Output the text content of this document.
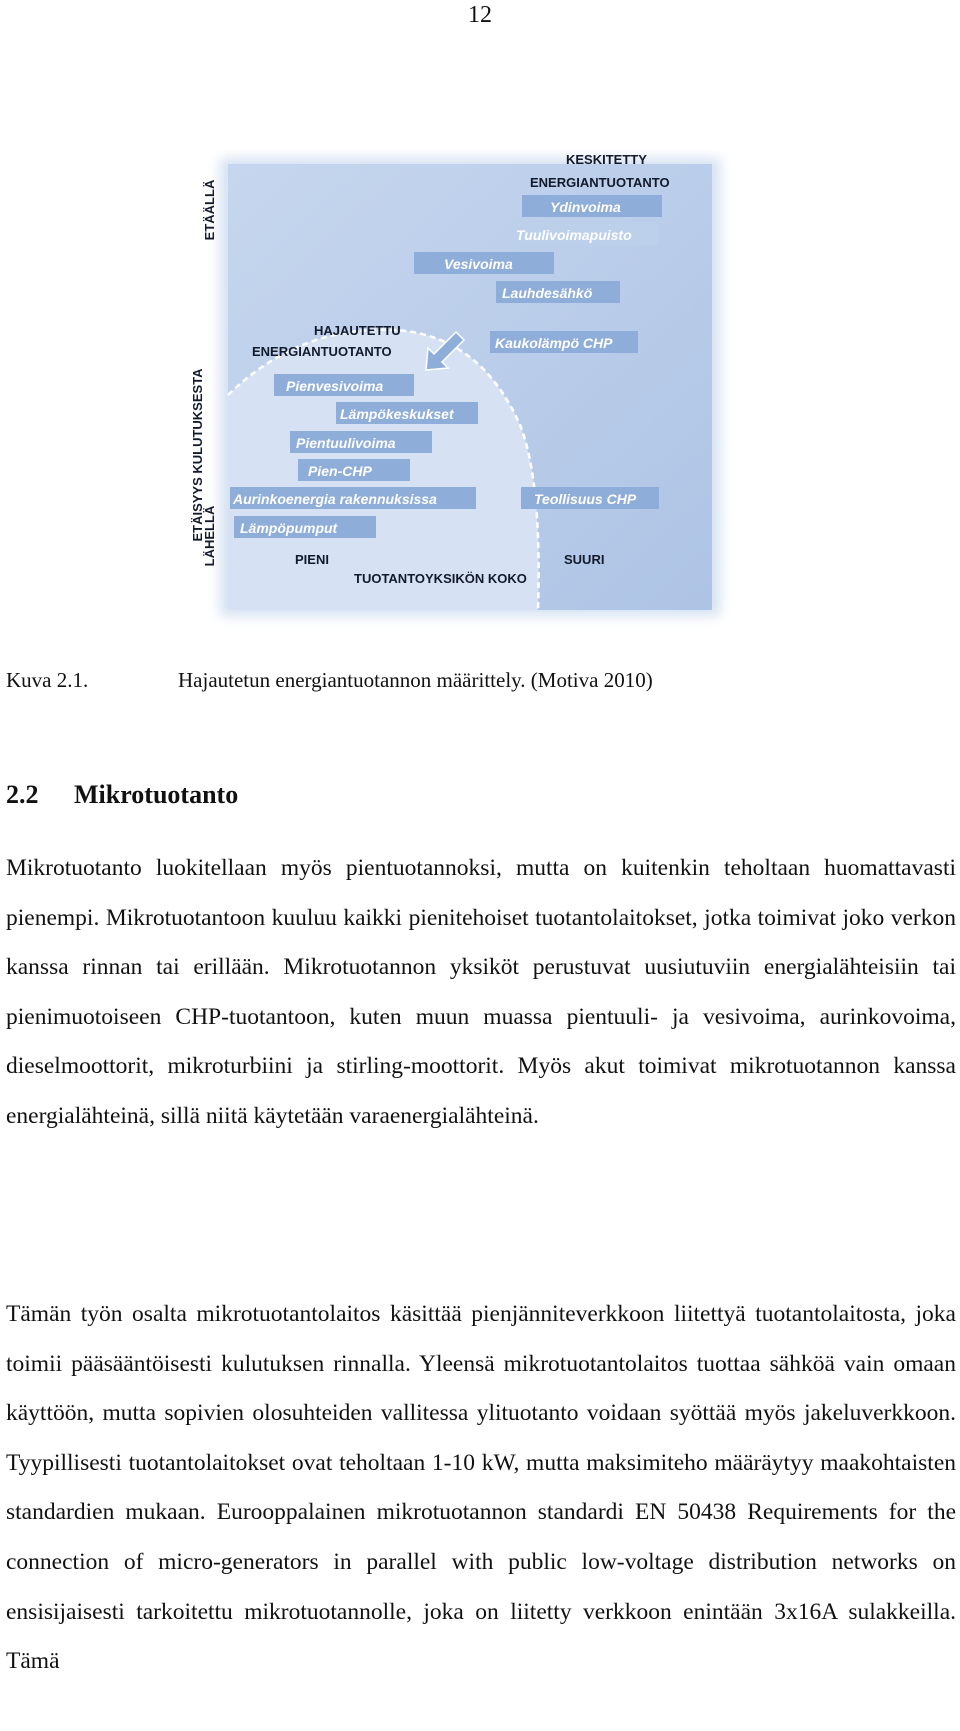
12
ETÄISYYS KULUTUKSESTA
ETÄÄLLÄ
LÄHELLÄ	PIENI	SUURI
TUOTANTOYKSIKÖN KOKO
KESKITETTY
ENERGIANTUOTANTO
Ydinvoima
Tuulivoimapuisto
Vesivoima
Lauhdesähkö
Kaukolämpö CHP
Teollisuus CHP
HAJAUTETTU
ENERGIANTUOTANTO
Pienvesivoima
Lämpökeskukset
Pientuulivoima
Pien-CHP
Aurinkoenergia rakennuksissa
Lämpöpumput
Kuva 2.1.	Hajautetun energiantuotannon määrittely. (Motiva 2010)
2.2 Mikrotuotanto

Mikrotuotanto luokitellaan myös pientuotannoksi, mutta on kuitenkin teholtaan huomattavasti pienempi. Mikrotuotantoon kuuluu kaikki pienitehoiset tuotantolaitokset, jotka toimivat joko verkon kanssa rinnan tai erillään. Mikrotuotannon yksiköt perustuvat uusiutuviin energialähteisiin tai pienimuotoiseen CHP-tuotantoon, kuten muun muassa pientuuli- ja vesivoima, aurinkovoima, dieselmoottorit, mikroturbiini ja stirling-moottorit. Myös akut toimivat mikrotuotannon kanssa energialähteinä, sillä niitä käytetään varaenergialähteinä.

Tämän työn osalta mikrotuotantolaitos käsittää pienjänniteverkkoon liitettyä tuotantolaitosta, joka toimii pääsääntöisesti kulutuksen rinnalla. Yleensä mikrotuotantolaitos tuottaa sähköä vain omaan käyttöön, mutta sopivien olosuhteiden vallitessa ylituotanto voidaan syöttää myös jakeluverkkoon. Tyypillisesti tuotantolaitokset ovat teholtaan 1-10 kW, mutta maksimiteho määräytyy maakohtaisten standardien mukaan. Eurooppalainen mikrotuotannon standardi EN 50438 Requirements for the connection of micro-generators in parallel with public low-voltage distribution networks on ensisijaisesti tarkoitettu mikrotuotannolle, joka on liitetty verkkoon enintään 3x16A sulakkeilla. Tämä
